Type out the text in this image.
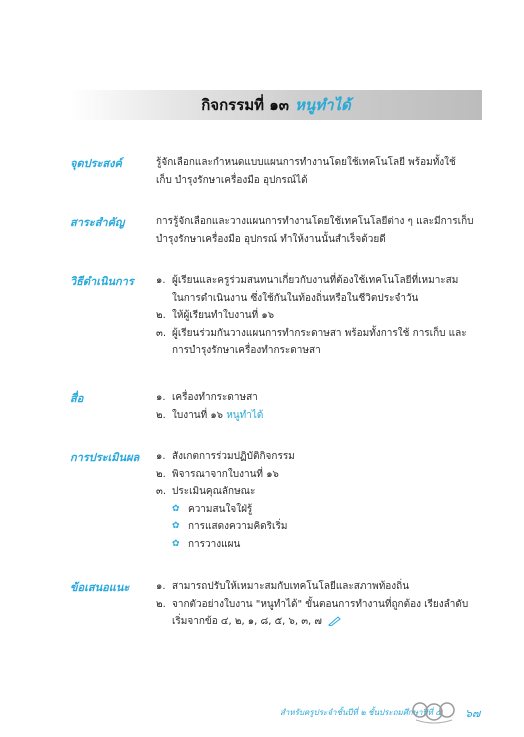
กิจกรรมที่ ๑๓ หนูทำได้
จุดประสงค์	รู้จักเลือกและกำหนดแบบแผนการทำงานโดยใช้เทคโนโลยี พร้อมทั้งใช้
เก็บ บำรุงรักษาเครื่องมือ อุปกรณ์ได้
สาระสำคัญ	การรู้จักเลือกและวางแผนการทำงานโดยใช้เทคโนโลยีต่าง ๆ และมีการเก็บ
บำรุงรักษาเครื่องมือ อุปกรณ์ ทำให้งานนั้นสำเร็จด้วยดี
วิธีดำเนินการ	๑. ผู้เรียนและครูร่วมสนทนาเกี่ยวกับงานที่ต้องใช้เทคโนโลยีที่เหมาะสม
ในการดำเนินงาน ซึ่งใช้กันในท้องถิ่นหรือในชีวิตประจำวัน
๒. ให้ผู้เรียนทำใบงานที่ ๑๖
๓. ผู้เรียนร่วมกันวางแผนการทำกระดาษสา พร้อมทั้งการใช้ การเก็บ และ
การบำรุงรักษาเครื่องทำกระดาษสา
สื่อ	๑. เครื่องทำกระดาษสา
๒. ใบงานที่ ๑๖
หนูทำได้
การประเมินผล	๑. สังเกตการร่วมปฏิบัติกิจกรรม
๒. พิจารณาจากใบงานที่ ๑๖
๓. ประเมินคุณลักษณะ
✿ ความสนใจใฝ่รู้
✿ การแสดงความคิดริเริ่ม
✿ การวางแผน
ข้อเสนอแนะ	๑. สามารถปรับให้เหมาะสมกับเทคโนโลยีและสภาพท้องถิ่น
๒. จากตัวอย่างใบงาน "หนูทำได้" ขั้นตอนการทำงานที่ถูกต้อง เรียงลำดับ
เริ่มจากข้อ ๔, ๒, ๑, ๘, ๕, ๖, ๓, ๗
สำหรับครูประจำชั้นปีที่ ๒ ชั้นประถมศึกษาปีที่ ๕ ๖๗
